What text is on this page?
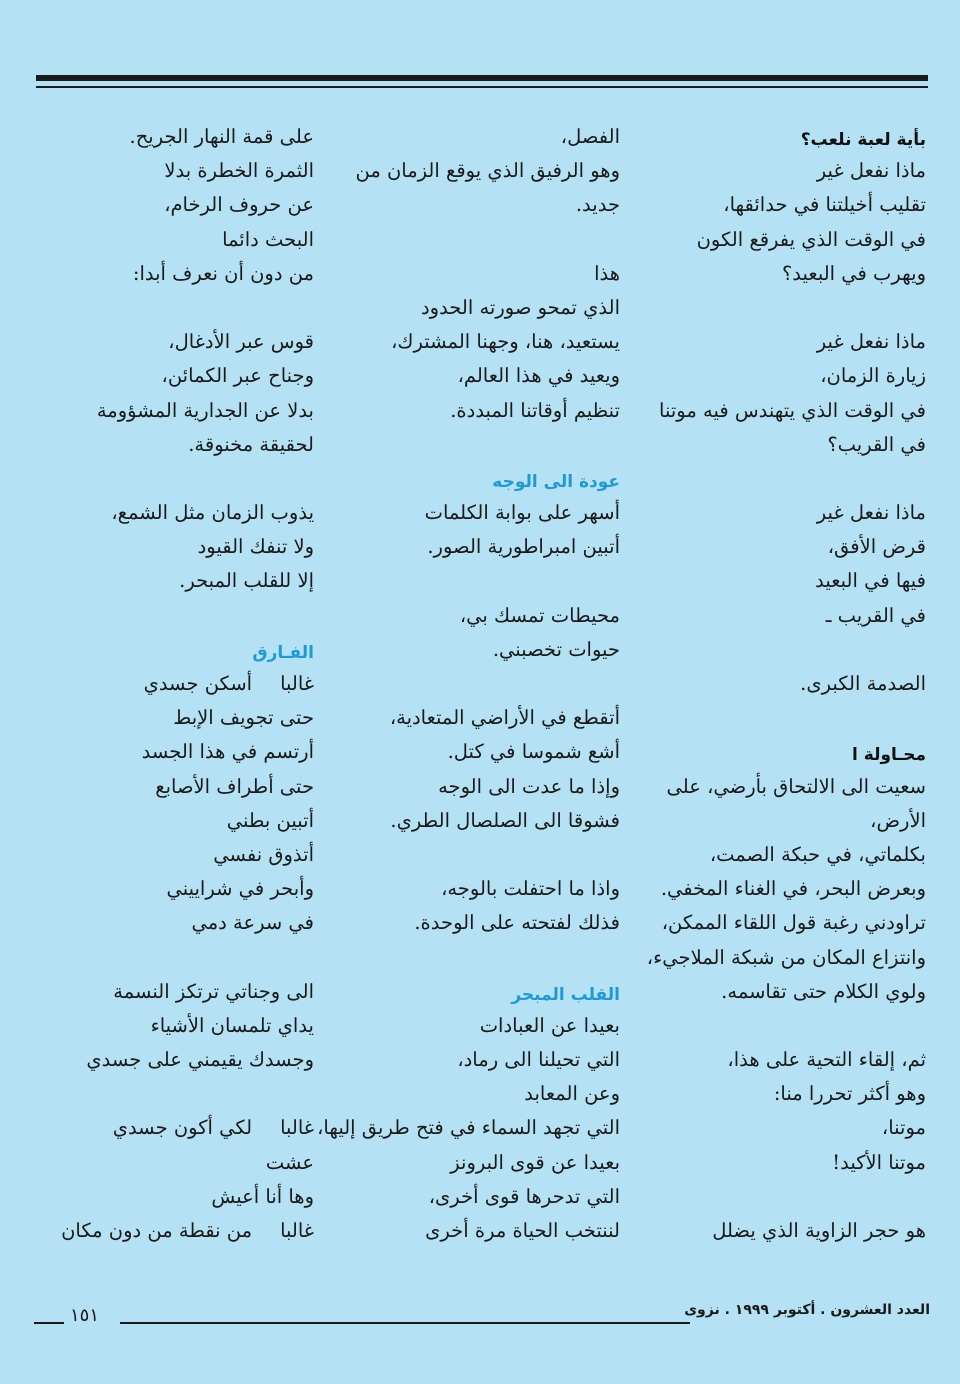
بأية لعبة نلعب؟
ماذا نفعل غير
تقليب أخيلتنا في حدائقها،
في الوقت الذي يفرقع الكون
ويهرب في البعيد؟
ماذا نفعل غير
زيارة الزمان،
في الوقت الذي يتهندس فيه موتنا
في القريب؟
ماذا نفعل غير
قرض الأفق،
فيها في البعيد
في القريب ـ
الصدمة الكبرى.
محـاولة ا
سعيت الى الالتحاق بأرضي، على
الأرض،
بكلماتي، في حبكة الصمت،
وبعرض البحر، في الغناء المخفي.
تراودني رغبة قول اللقاء الممكن،
وانتزاع المكان من شبكة الملاجيء،
ولوي الكلام حتى تقاسمه.
ثم، إلقاء التحية على هذا،
وهو أكثر تحررا منا:
موتنا،
موتنا الأكيد!
هو حجر الزاوية الذي يضلل
الفصل،
وهو الرفيق الذي يوقع الزمان من
جديد.
هذا
الذي تمحو صورته الحدود
يستعيد، هنا، وجهنا المشترك،
ويعيد في هذا العالم،
تنظيم أوقاتنا المبددة.
عودة الى الوجه
أسهر على بوابة الكلمات
أتبين امبراطورية الصور.
محيطات تمسك بي،
حيوات تخصبني.
أتقطع في الأراضي المتعادية،
أشع شموسا في كتل.
وإذا ما عدت الى الوجه
فشوقا الى الصلصال الطري.
واذا ما احتفلت بالوجه،
فذلك لفتحته على الوحدة.
القلب المبحر
بعيدا عن العبادات
التي تحيلنا الى رماد،
وعن المعابد
التي تجهد السماء في فتح طريق إليها،
بعيدا عن قوى البرونز
التي تدحرها قوى أخرى،
لننتخب الحياة مرة أخرى
على قمة النهار الجريح.
الثمرة الخطرة بدلا
عن حروف الرخام،
البحث دائما
من دون أن نعرف أبدا:
قوس عبر الأدغال،
وجناح عبر الكمائن،
بدلا عن الجدارية المشؤومة
لحقيقة مخنوقة.
يذوب الزمان مثل الشمع،
ولا تنفك القيود
إلا للقلب المبحر.
الفـارق
غالباأسكن جسدي
حتى تجويف الإبط
أرتسم في هذا الجسد
حتى أطراف الأصابع
أتبين بطني
أتذوق نفسي
وأبحر في شراييني
في سرعة دمي
الى وجناتي ترتكز النسمة
يداي تلمسان الأشياء
وجسدك يقيمني على جسدي
غالبالكي أكون جسدي
عشت
وها أنا أعيش
غالبامن نقطة من دون مكان
العدد العشرون . أكتوبر ١٩٩٩ . نزوى
١٥١
